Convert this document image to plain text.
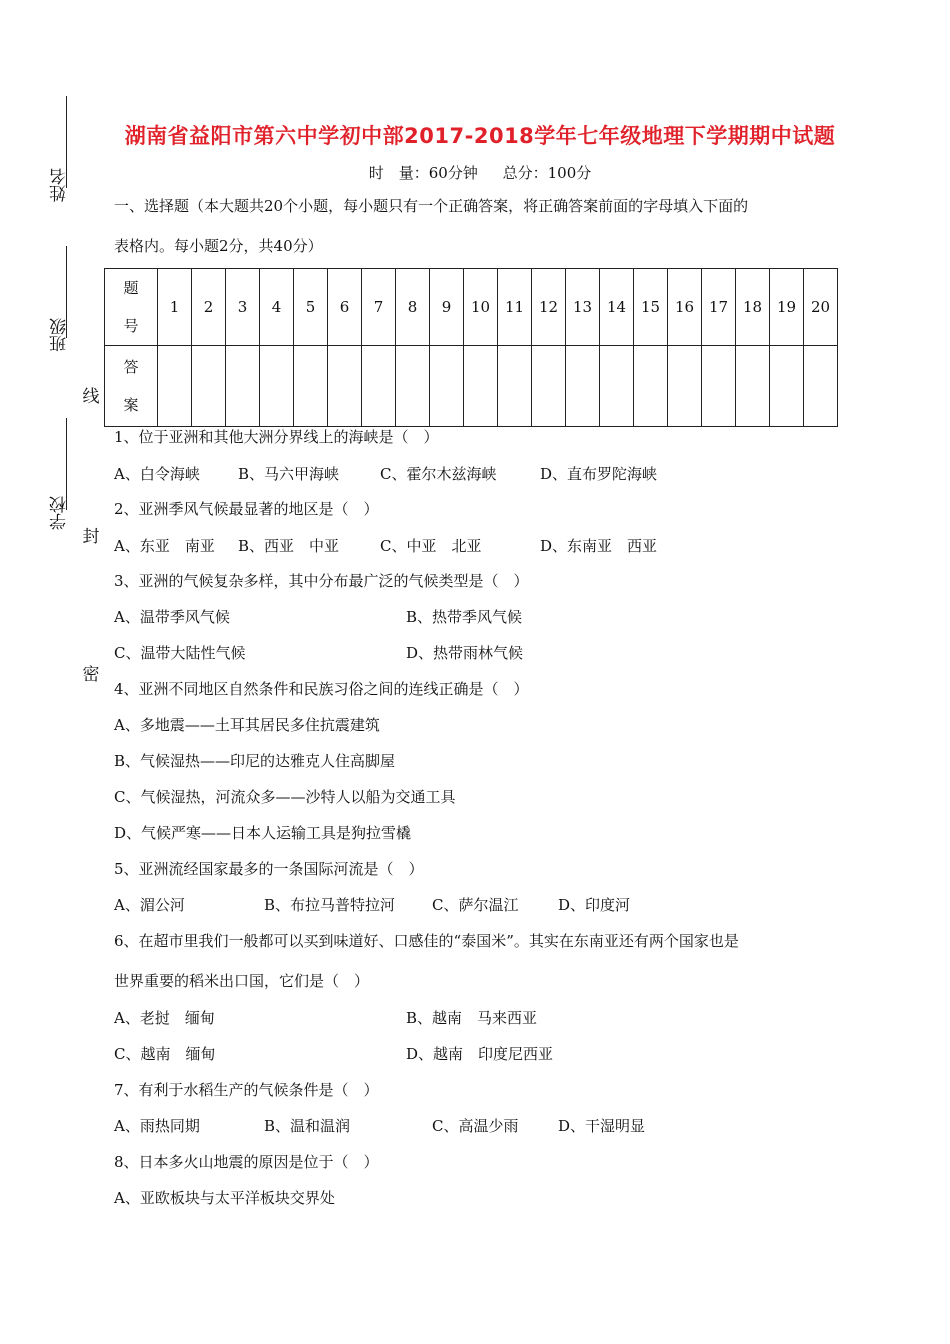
姓名
班级
学校
线
封
密
湖南省益阳市第六中学初中部2017-2018学年七年级地理下学期期中试题
时　量：60分钟 总分：100分
一、选择题（本大题共20个小题，每小题只有一个正确答案，将正确答案前面的字母填入下面的
表格内。每小题2分，共40分）
题
号	1	2	3	4	5	6	7	8	9	10	11	12	13	14	15	16	17	18	19	20

答
案																				

1、位于亚洲和其他大洲分界线上的海峡是（　）
A、白令海峡	B、马六甲海峡	C、霍尔木兹海峡	D、直布罗陀海峡
2、亚洲季风气候最显著的地区是（　）
A、东亚　南亚 B、西亚　中亚	C、中亚　北亚	D、东南亚　西亚
3、亚洲的气候复杂多样，其中分布最广泛的气候类型是（　）
A、温带季风气候	B、热带季风气候
C、温带大陆性气候	D、热带雨林气候
4、亚洲不同地区自然条件和民族习俗之间的连线正确是（　）
A、多地震——土耳其居民多住抗震建筑
B、气候湿热——印尼的达雅克人住高脚屋
C、气候湿热，河流众多——沙特人以船为交通工具
D、气候严寒——日本人运输工具是狗拉雪橇
5、亚洲流经国家最多的一条国际河流是（　）
A、湄公河	B、布拉马普特拉河 C、萨尔温江	D、印度河
6、在超市里我们一般都可以买到味道好、口感佳的“泰国米”。其实在东南亚还有两个国家也是
世界重要的稻米出口国，它们是（　）
A、老挝　缅甸	B、越南　马来西亚
C、越南　缅甸	D、越南　印度尼西亚
7、有利于水稻生产的气候条件是（　）
A、雨热同期	B、温和温润	C、高温少雨	D、干湿明显
8、日本多火山地震的原因是位于（　）
A、亚欧板块与太平洋板块交界处
